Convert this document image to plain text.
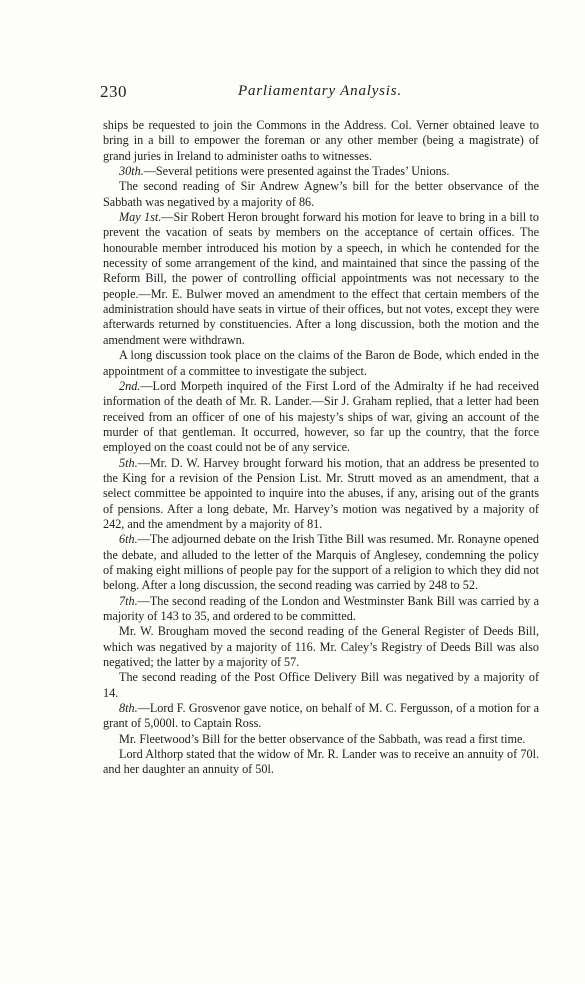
230	Parliamentary Analysis.

ships be requested to join the Commons in the Address. Col. Verner obtained leave to bring in a bill to empower the foreman or any other member (being a magistrate) of grand juries in Ireland to administer oaths to witnesses.

30th.—Several petitions were presented against the Trades’ Unions.

The second reading of Sir Andrew Agnew’s bill for the better observance of the Sabbath was negatived by a majority of 86.

May 1st.—Sir Robert Heron brought forward his motion for leave to bring in a bill to prevent the vacation of seats by members on the acceptance of certain offices. The honourable member introduced his motion by a speech, in which he contended for the necessity of some arrangement of the kind, and maintained that since the passing of the Reform Bill, the power of controlling official appointments was not necessary to the people.—Mr. E. Bulwer moved an amendment to the effect that certain members of the administration should have seats in virtue of their offices, but not votes, except they were afterwards returned by constituencies. After a long discussion, both the motion and the amendment were withdrawn.

A long discussion took place on the claims of the Baron de Bode, which ended in the appointment of a committee to investigate the subject.

2nd.—Lord Morpeth inquired of the First Lord of the Admiralty if he had received information of the death of Mr. R. Lander.—Sir J. Graham replied, that a letter had been received from an officer of one of his majesty’s ships of war, giving an account of the murder of that gentleman. It occurred, however, so far up the country, that the force employed on the coast could not be of any service.

5th.—Mr. D. W. Harvey brought forward his motion, that an address be presented to the King for a revision of the Pension List. Mr. Strutt moved as an amendment, that a select committee be appointed to inquire into the abuses, if any, arising out of the grants of pensions. After a long debate, Mr. Harvey’s motion was negatived by a majority of 242, and the amendment by a majority of 81.

6th.—The adjourned debate on the Irish Tithe Bill was resumed. Mr. Ronayne opened the debate, and alluded to the letter of the Marquis of Anglesey, condemning the policy of making eight millions of people pay for the support of a religion to which they did not belong. After a long discussion, the second reading was carried by 248 to 52.

7th.—The second reading of the London and Westminster Bank Bill was carried by a majority of 143 to 35, and ordered to be committed.

Mr. W. Brougham moved the second reading of the General Register of Deeds Bill, which was negatived by a majority of 116. Mr. Caley’s Registry of Deeds Bill was also negatived; the latter by a majority of 57.

The second reading of the Post Office Delivery Bill was negatived by a majority of 14.

8th.—Lord F. Grosvenor gave notice, on behalf of M. C. Fergusson, of a motion for a grant of 5,000l. to Captain Ross.

Mr. Fleetwood’s Bill for the better observance of the Sabbath, was read a first time.

Lord Althorp stated that the widow of Mr. R. Lander was to receive an annuity of 70l. and her daughter an annuity of 50l.
